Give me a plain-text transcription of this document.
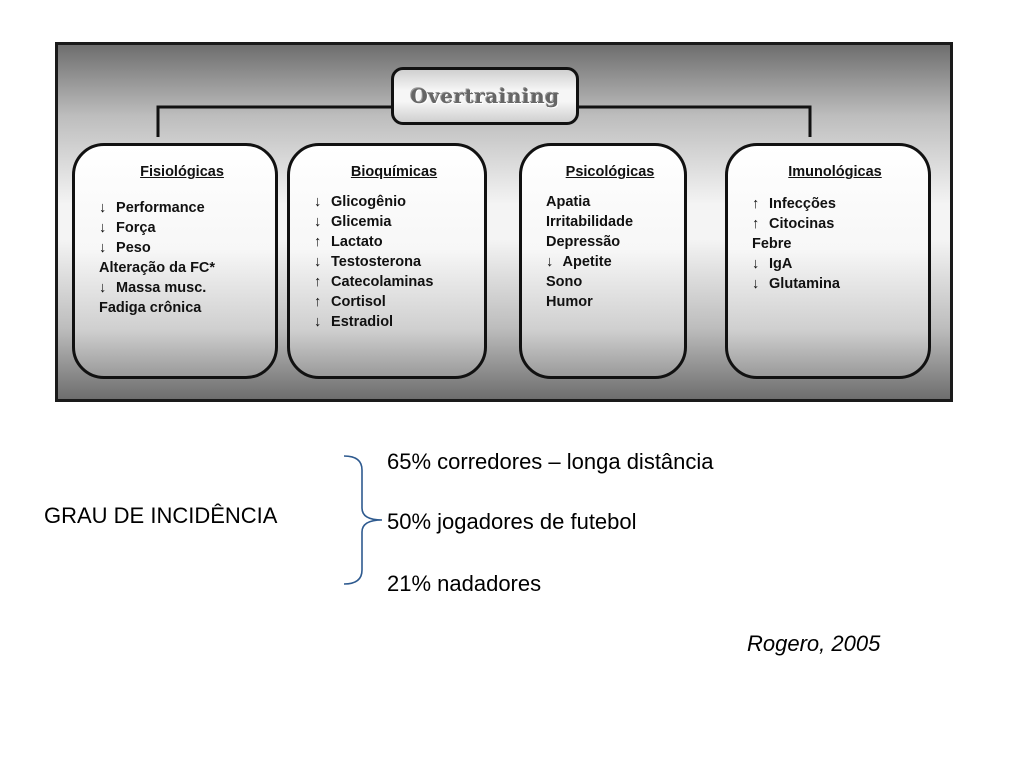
Overtraining
Fisiológicas
↓ Performance
↓ Força
↓ Peso
Alteração da FC*
↓ Massa musc.
Fadiga crônica
Bioquímicas
↓ Glicogênio
↓ Glicemia
↑ Lactato
↓ Testosterona
↑ Catecolaminas
↑ Cortisol
↓ Estradiol
Psicológicas
Apatia
Irritabilidade
Depressão
↓ Apetite
Sono
Humor
Imunológicas
↑ Infecções
↑ Citocinas
Febre
↓ IgA
↓ Glutamina
GRAU DE INCIDÊNCIA
65% corredores – longa distância
50% jogadores de futebol
21% nadadores
Rogero, 2005
